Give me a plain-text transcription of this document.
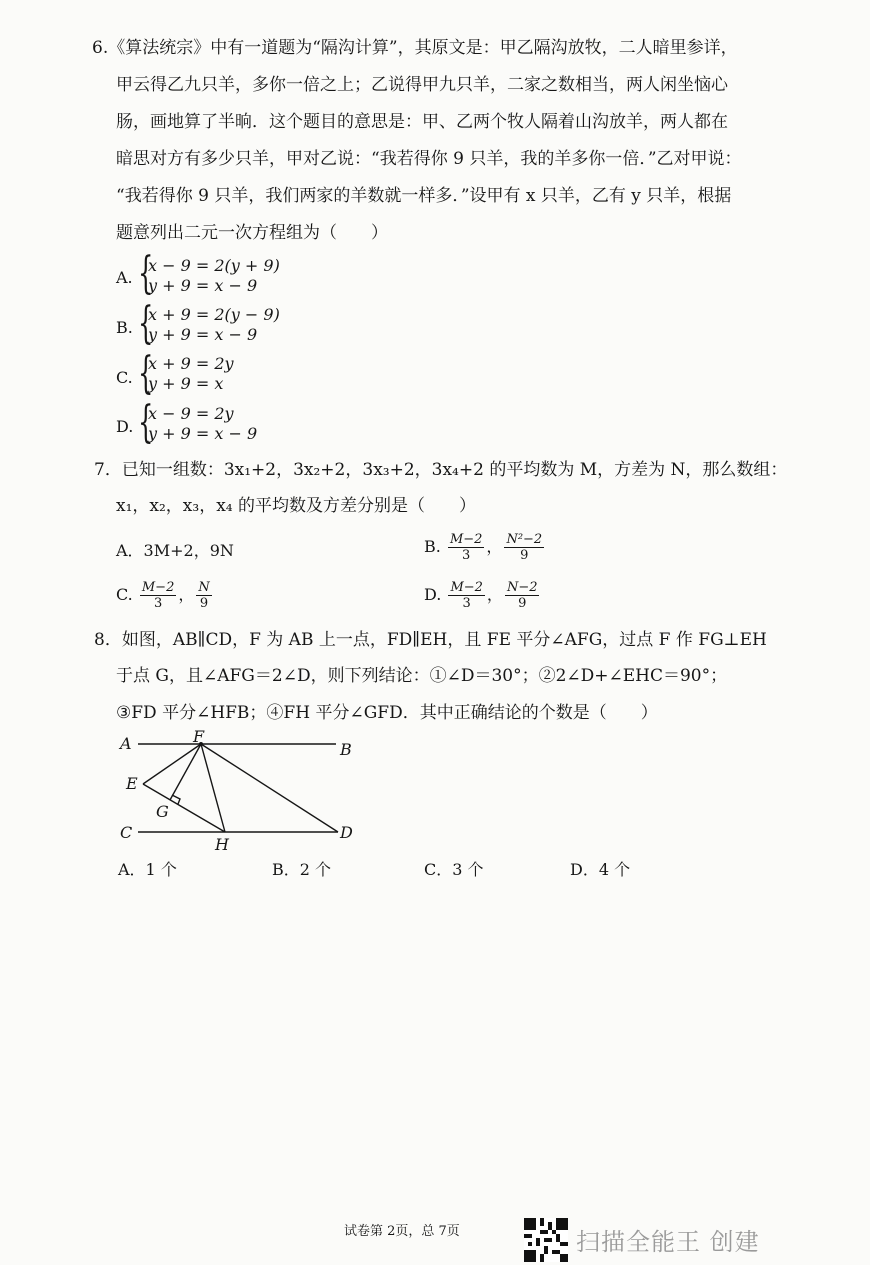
6.《算法统宗》中有一道题为“隔沟计算”，其原文是：甲乙隔沟放牧，二人暗里参详，
甲云得乙九只羊，多你一倍之上；乙说得甲九只羊，二家之数相当，两人闲坐恼心
肠，画地算了半晌．这个题目的意思是：甲、乙两个牧人隔着山沟放羊，两人都在
暗思对方有多少只羊，甲对乙说：“我若得你 9 只羊，我的羊多你一倍．”乙对甲说：
“我若得你 9 只羊，我们两家的羊数就一样多．”设甲有 x 只羊，乙有 y 只羊，根据
题意列出二元一次方程组为（　　）
A. {
x − 9 = 2(y + 9)
y + 9 = x − 9
B. {
x + 9 = 2(y − 9)
y + 9 = x − 9
C. {
x + 9 = 2y
y + 9 = x
D. {
x − 9 = 2y
y + 9 = x − 9
7．已知一组数：3x₁+2，3x₂+2，3x₃+2，3x₄+2 的平均数为 M，方差为 N，那么数组：
x₁，x₂，x₃，x₄ 的平均数及方差分别是（　　）
A．3M+2，9N	B. $\frac{M-2}{3}$ ， $\frac{\text{N²−2}}{9}$
C. $\frac{M-2}{3}$ ， $\frac{N}{9}$	D. $\frac{M-2}{3}$ ， $\frac{N-2}{9}$
8．如图，AB∥CD，F 为 AB 上一点，FD∥EH，且 FE 平分∠AFG，过点 F 作 FG⊥EH
于点 G，且∠AFG＝2∠D，则下列结论：①∠D＝30°；②2∠D+∠EHC＝90°；
③FD 平分∠HFB；④FH 平分∠GFD．其中正确结论的个数是（　　）
A	B
C	D
E
F
G
H
A．1 个	B．2 个	C．3 个	D．4 个
试卷第 2页，总 7页	扫描全能王 创建
